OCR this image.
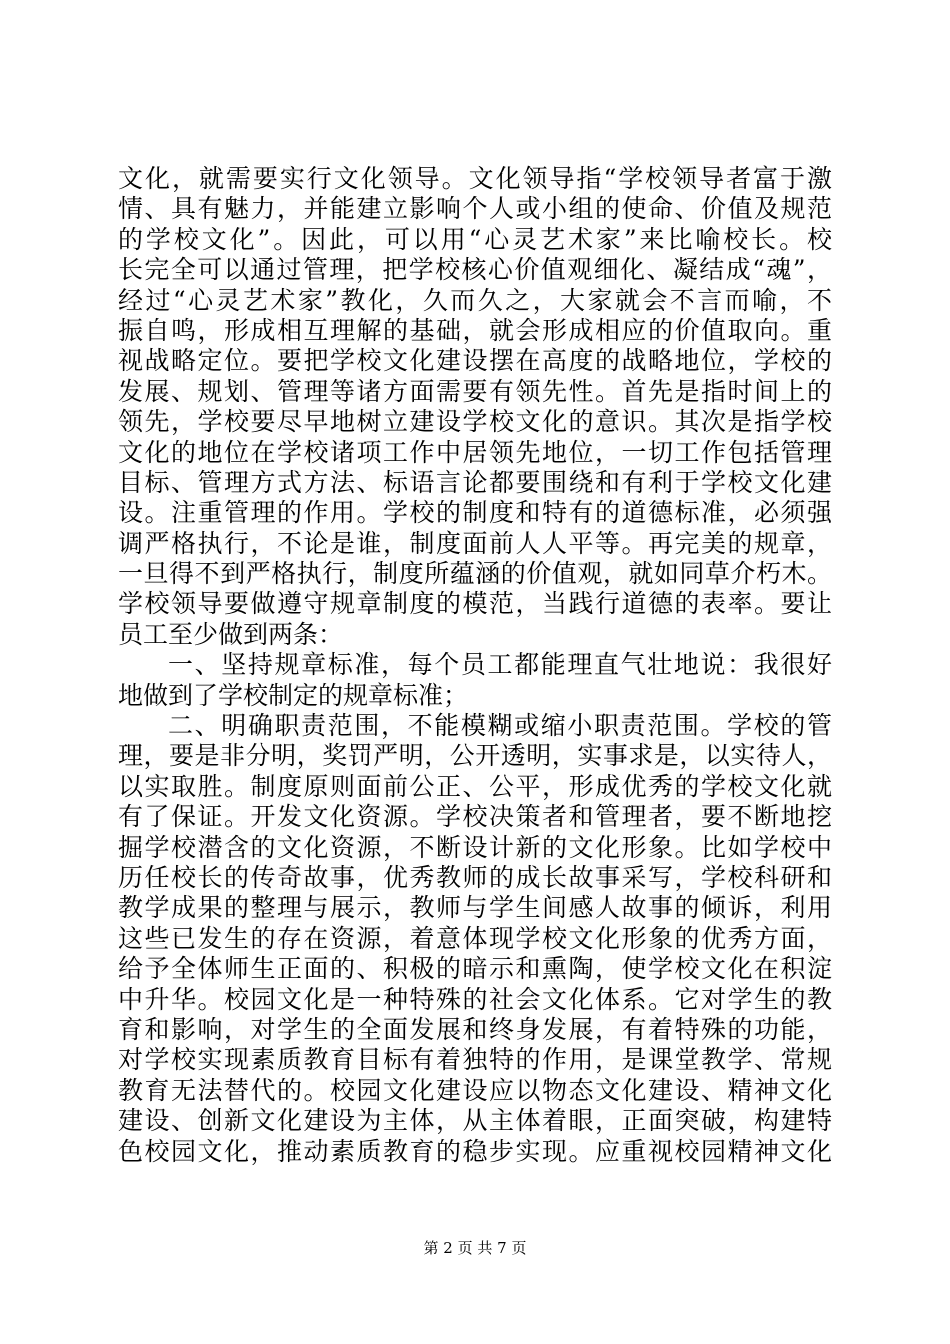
文化，就需要实行文化领导。文化领导指“学校领导者富于激
情、具有魅力，并能建立影响个人或小组的使命、价值及规范
的学校文化”。因此，可以用“心灵艺术家”来比喻校长。校
长完全可以通过管理，把学校核心价值观细化、凝结成“魂”，
经过“心灵艺术家”教化，久而久之，大家就会不言而喻，不
振自鸣，形成相互理解的基础，就会形成相应的价值取向。重
视战略定位。要把学校文化建设摆在高度的战略地位，学校的
发展、规划、管理等诸方面需要有领先性。首先是指时间上的
领先，学校要尽早地树立建设学校文化的意识。其次是指学校
文化的地位在学校诸项工作中居领先地位，一切工作包括管理
目标、管理方式方法、标语言论都要围绕和有利于学校文化建
设。注重管理的作用。学校的制度和特有的道德标准，必须强
调严格执行，不论是谁，制度面前人人平等。再完美的规章，
一旦得不到严格执行，制度所蕴涵的价值观，就如同草介朽木。
学校领导要做遵守规章制度的模范，当践行道德的表率。要让
员工至少做到两条：
一、坚持规章标准，每个员工都能理直气壮地说：我很好
地做到了学校制定的规章标准；
二、明确职责范围，不能模糊或缩小职责范围。学校的管
理，要是非分明，奖罚严明，公开透明，实事求是，以实待人，
以实取胜。制度原则面前公正、公平，形成优秀的学校文化就
有了保证。开发文化资源。学校决策者和管理者，要不断地挖
掘学校潜含的文化资源，不断设计新的文化形象。比如学校中
历任校长的传奇故事，优秀教师的成长故事采写，学校科研和
教学成果的整理与展示，教师与学生间感人故事的倾诉，利用
这些已发生的存在资源，着意体现学校文化形象的优秀方面，
给予全体师生正面的、积极的暗示和熏陶，使学校文化在积淀
中升华。校园文化是一种特殊的社会文化体系。它对学生的教
育和影响，对学生的全面发展和终身发展，有着特殊的功能，
对学校实现素质教育目标有着独特的作用，是课堂教学、常规
教育无法替代的。校园文化建设应以物态文化建设、精神文化
建设、创新文化建设为主体，从主体着眼，正面突破，构建特
色校园文化，推动素质教育的稳步实现。应重视校园精神文化
第 2 页 共 7 页
